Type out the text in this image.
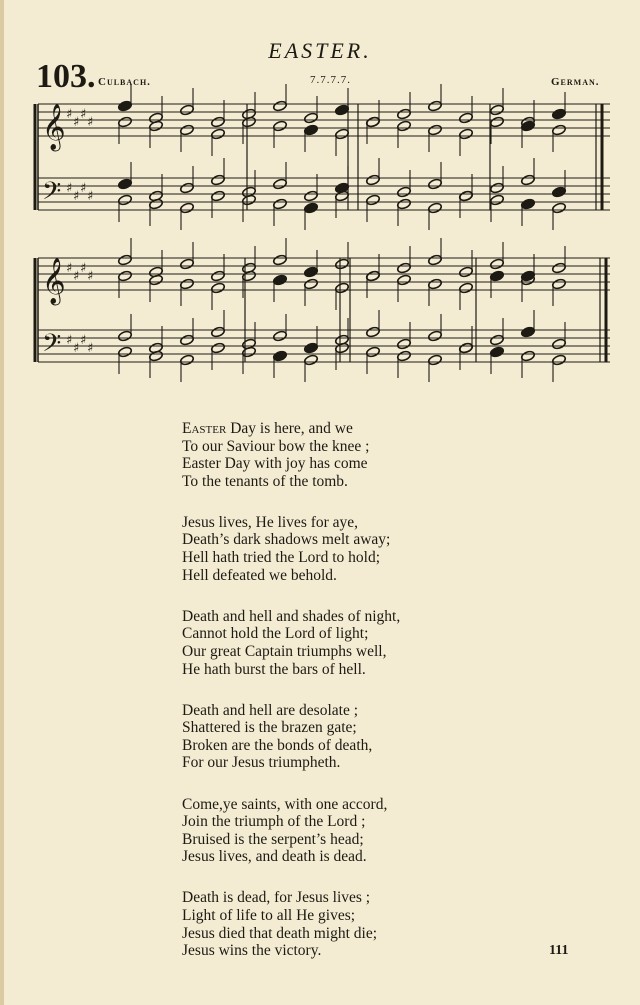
EASTER.
103. Culbach.	7.7.7.7.	German.
𝄞 ♯
♯
♯
♯
𝄢 ♯
♯
♯
♯
𝄞 ♯
♯
♯
♯
𝄢 ♯
♯
♯
♯

Easter Day is here, and we

To our Saviour bow the knee ;

Easter Day with joy has come

To the tenants of the tomb.

Jesus lives, He lives for aye,

Death’s dark shadows melt away;

Hell hath tried the Lord to hold;

Hell defeated we behold.

Death and hell and shades of night,

Cannot hold the Lord of light;

Our great Captain triumphs well,

He hath burst the bars of hell.

Death and hell are desolate ;

Shattered is the brazen gate;

Broken are the bonds of death,

For our Jesus triumpheth.

Come,ye saints, with one accord,

Join the triumph of the Lord ;

Bruised is the serpent’s head;

Jesus lives, and death is dead.

Death is dead, for Jesus lives ;

Light of life to all He gives;

Jesus died that death might die;

Jesus wins the victory.	111
